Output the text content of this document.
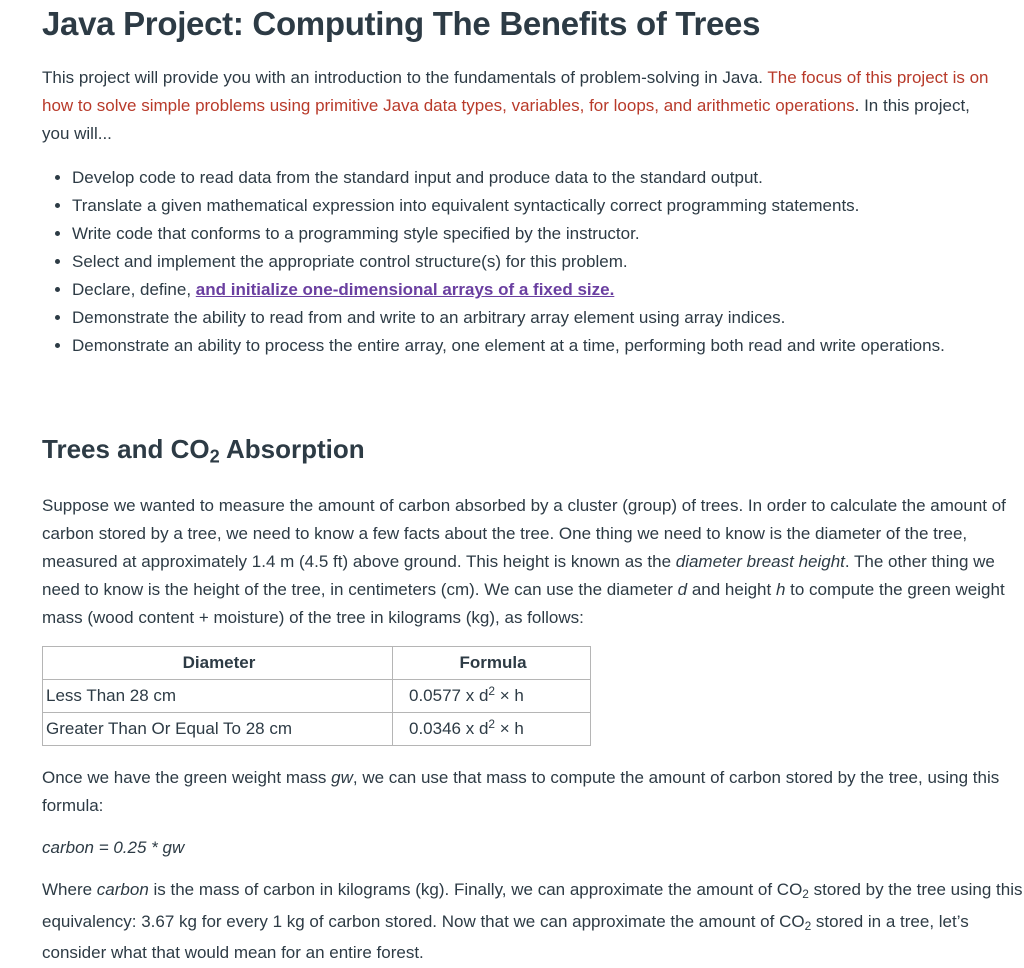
Java Project: Computing The Benefits of Trees

This project will provide you with an introduction to the fundamentals of problem-solving in Java. The focus of this project is on how to solve simple problems using primitive Java data types, variables, for loops, and arithmetic operations. In this project, you will...

• Develop code to read data from the standard input and produce data to the standard output.
• Translate a given mathematical expression into equivalent syntactically correct programming statements.
• Write code that conforms to a programming style specified by the instructor.
• Select and implement the appropriate control structure(s) for this problem.
• Declare, define, and initialize one-dimensional arrays of a fixed size.
• Demonstrate the ability to read from and write to an arbitrary array element using array indices.
• Demonstrate an ability to process the entire array, one element at a time, performing both read and write operations.
Trees and $CO_2$ Absorption

Suppose we wanted to measure the amount of carbon absorbed by a cluster (group) of trees. In order to calculate the amount of carbon stored by a tree, we need to know a few facts about the tree. One thing we need to know is the diameter of the tree, measured at approximately 1.4 m (4.5 ft) above ground. This height is known as the diameter breast height. The other thing we need to know is the height of the tree, in centimeters (cm). We can use the diameter d and height h to compute the green weight mass (wood content + moisture) of the tree in kilograms (kg), as follows:

Diameter	Formula
Less Than 28 cm	0.0577 x $d^2 \times h$
Greater Than Or Equal To 28 cm	0.0346 x $d^2 \times h$

Once we have the green weight mass gw, we can use that mass to compute the amount of carbon stored by the tree, using this formula:

carbon = 0.25 * gw

Where carbon is the mass of carbon in kilograms (kg). Finally, we can approximate the amount of $CO_2$ stored by the tree using this equivalency: 3.67 kg for every 1 kg of carbon stored. Now that we can approximate the amount of $CO_2$ stored in a tree, let’s consider what that would mean for an entire forest.
